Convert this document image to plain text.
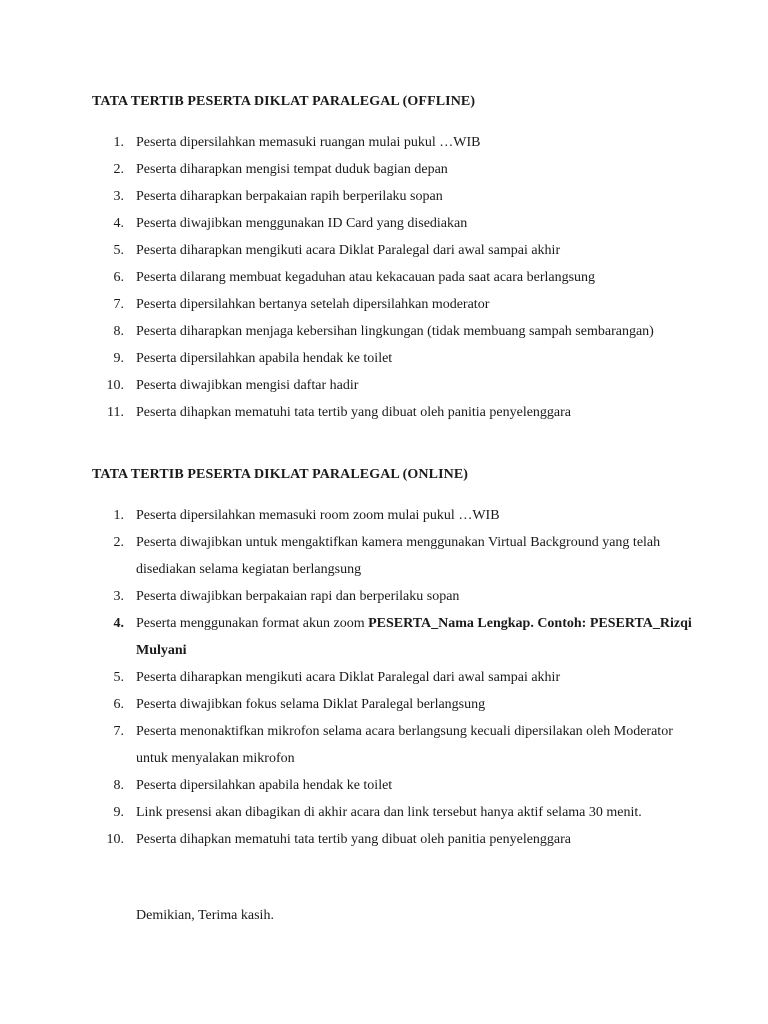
TATA TERTIB PESERTA DIKLAT PARALEGAL (OFFLINE)
1. Peserta dipersilahkan memasuki ruangan mulai pukul …WIB
2. Peserta diharapkan mengisi tempat duduk bagian depan
3. Peserta diharapkan berpakaian rapih berperilaku sopan
4. Peserta diwajibkan menggunakan ID Card yang disediakan
5. Peserta diharapkan mengikuti acara Diklat Paralegal dari awal sampai akhir
6. Peserta dilarang membuat kegaduhan atau kekacauan pada saat acara berlangsung
7. Peserta dipersilahkan bertanya setelah dipersilahkan moderator
8. Peserta diharapkan menjaga kebersihan lingkungan (tidak membuang sampah sembarangan)
9. Peserta dipersilahkan apabila hendak ke toilet
10. Peserta diwajibkan mengisi daftar hadir
11. Peserta dihapkan mematuhi tata tertib yang dibuat oleh panitia penyelenggara
TATA TERTIB PESERTA DIKLAT PARALEGAL (ONLINE)
1. Peserta dipersilahkan memasuki room zoom mulai pukul …WIB
2. Peserta diwajibkan untuk mengaktifkan kamera menggunakan Virtual Background yang telah disediakan selama kegiatan berlangsung
3. Peserta diwajibkan berpakaian rapi dan berperilaku sopan
4. Peserta menggunakan format akun zoom PESERTA_Nama Lengkap. Contoh: PESERTA_Rizqi Mulyani
5. Peserta diharapkan mengikuti acara Diklat Paralegal dari awal sampai akhir
6. Peserta diwajibkan fokus selama Diklat Paralegal berlangsung
7. Peserta menonaktifkan mikrofon selama acara berlangsung kecuali dipersilakan oleh Moderator untuk menyalakan mikrofon
8. Peserta dipersilahkan apabila hendak ke toilet
9. Link presensi akan dibagikan di akhir acara dan link tersebut hanya aktif selama 30 menit.
10. Peserta dihapkan mematuhi tata tertib yang dibuat oleh panitia penyelenggara
Demikian, Terima kasih.
